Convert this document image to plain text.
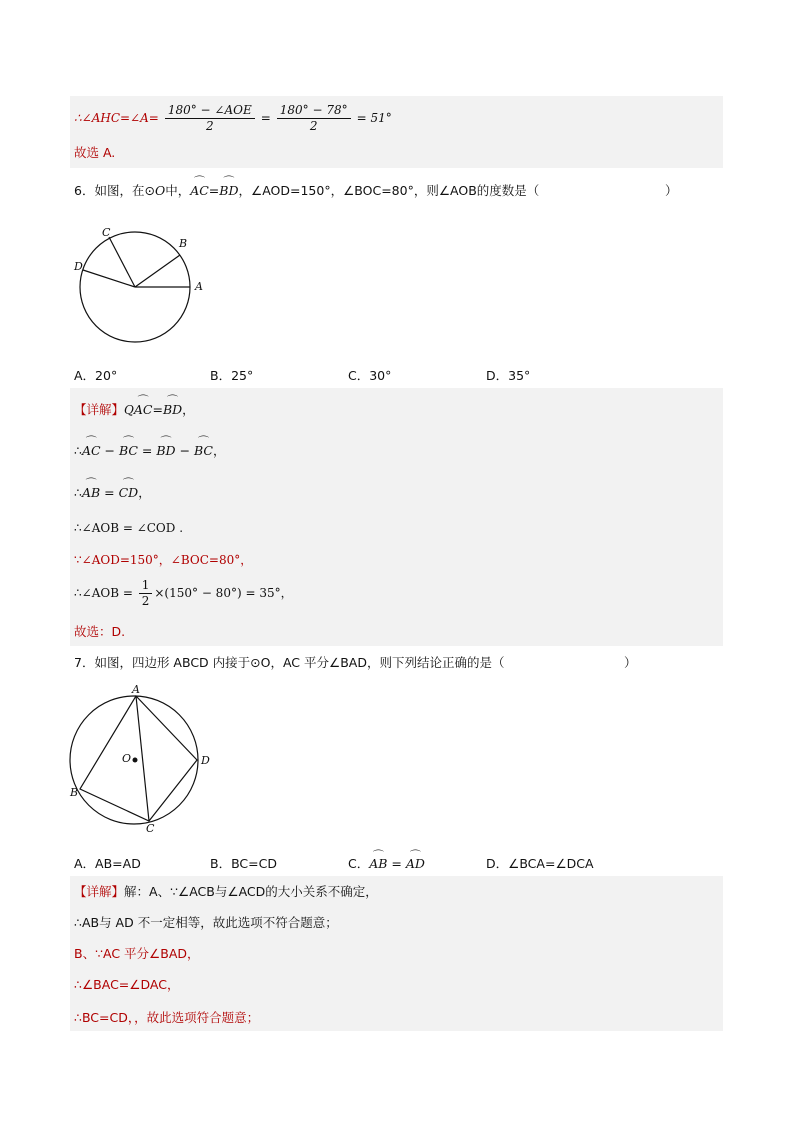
∴∠AHC=∠A= $\frac{\text{180° − ∠AOE}}{2} = \frac{180^\circ - 78^\circ}{2} = 51^\circ$
故选 A.
6．如图，在⊙O中，⌒ AC=⌒ BD，∠AOD=150°，∠BOC=80°，则∠AOB的度数是（	）
C
B
D
A
A．20°	B．25°	C．30°	D．35°
【详解】Q⌒ AC=⌒ BD，
∴⌒ AC − ⌒ BC = ⌒ BD − ⌒ BC，
∴⌒ AB = ⌒ CD，
∴∠AOB = ∠COD .
∵∠AOD=150°，∠BOC=80°，
∴∠AOB = $\frac{1}{2} \times(150^\circ - 80^\circ) = 35^\circ$，
故选：D.
7．如图，四边形 ABCD 内接于⊙O，AC 平分∠BAD，则下列结论正确的是（	）
A
O	D
B
C
A．AB=AD	B．BC=CD	C．⌒ AB = ⌒ AD	D．∠BCA=∠DCA
【详解】解：A、∵∠ACB与∠ACD的大小关系不确定，
∴AB与 AD 不一定相等，故此选项不符合题意；
B、∵AC 平分∠BAD，
∴∠BAC=∠DAC，
∴BC=CD，，故此选项符合题意；
